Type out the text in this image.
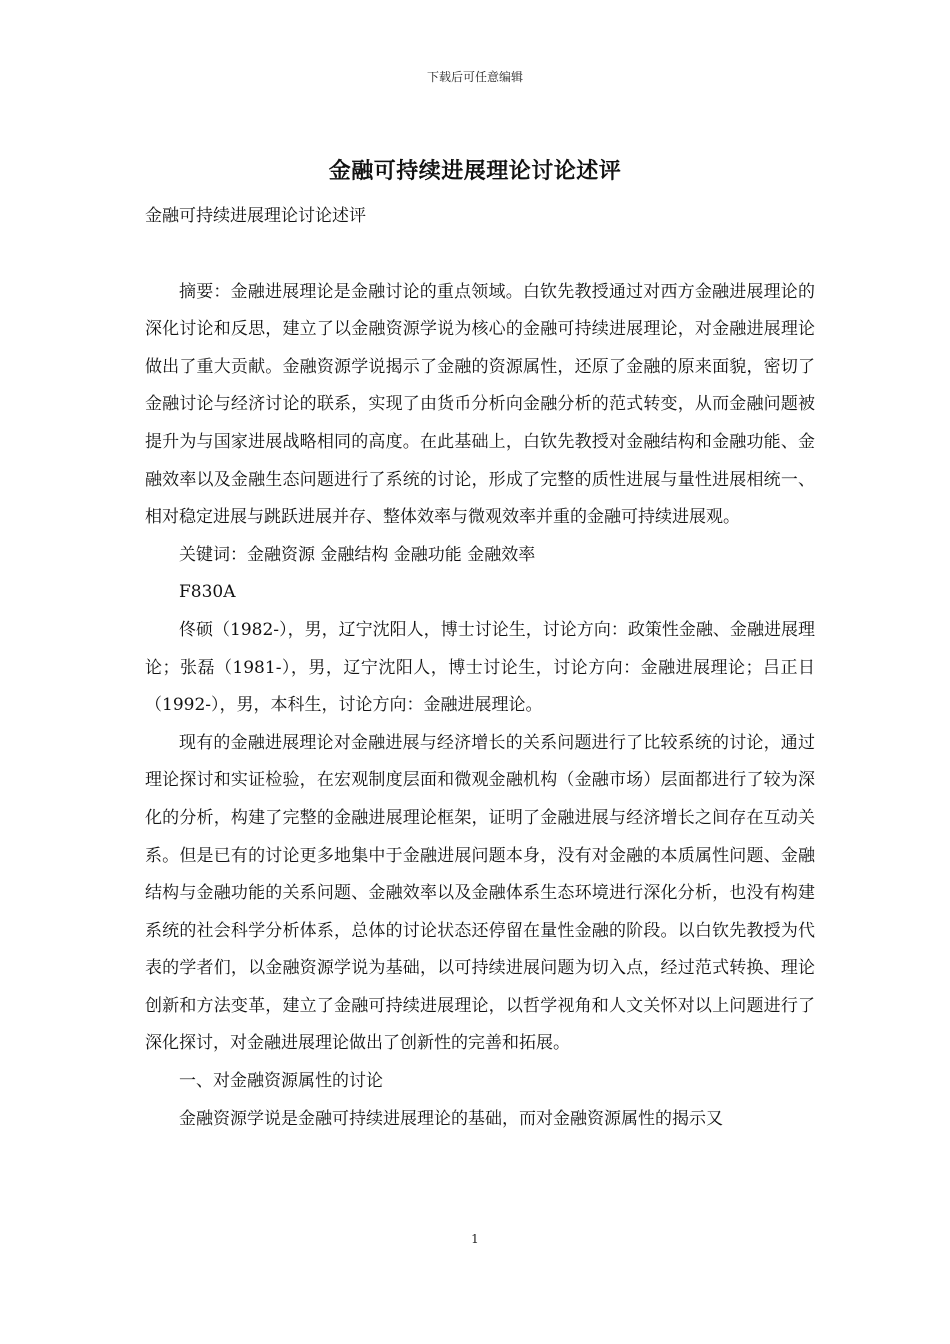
下载后可任意编辑
金融可持续进展理论讨论述评

金融可持续进展理论讨论述评

摘要：金融进展理论是金融讨论的重点领域。白钦先教授通过对西方金融进展理论的深化讨论和反思，建立了以金融资源学说为核心的金融可持续进展理论，对金融进展理论做出了重大贡献。金融资源学说揭示了金融的资源属性，还原了金融的原来面貌，密切了金融讨论与经济讨论的联系，实现了由货币分析向金融分析的范式转变，从而金融问题被提升为与国家进展战略相同的高度。在此基础上，白钦先教授对金融结构和金融功能、金融效率以及金融生态问题进行了系统的讨论，形成了完整的质性进展与量性进展相统一、相对稳定进展与跳跃进展并存、整体效率与微观效率并重的金融可持续进展观。

关键词：金融资源 金融结构 金融功能 金融效率

F830A

佟硕（1982-），男，辽宁沈阳人，博士讨论生，讨论方向：政策性金融、金融进展理论；张磊（1981-），男，辽宁沈阳人，博士讨论生，讨论方向：金融进展理论；吕正日（1992-），男，本科生，讨论方向：金融进展理论。

现有的金融进展理论对金融进展与经济增长的关系问题进行了比较系统的讨论，通过理论探讨和实证检验，在宏观制度层面和微观金融机构（金融市场）层面都进行了较为深化的分析，构建了完整的金融进展理论框架，证明了金融进展与经济增长之间存在互动关系。但是已有的讨论更多地集中于金融进展问题本身，没有对金融的本质属性问题、金融结构与金融功能的关系问题、金融效率以及金融体系生态环境进行深化分析，也没有构建系统的社会科学分析体系，总体的讨论状态还停留在量性金融的阶段。以白钦先教授为代表的学者们，以金融资源学说为基础，以可持续进展问题为切入点，经过范式转换、理论创新和方法变革，建立了金融可持续进展理论，以哲学视角和人文关怀对以上问题进行了深化探讨，对金融进展理论做出了创新性的完善和拓展。

一、对金融资源属性的讨论

金融资源学说是金融可持续进展理论的基础，而对金融资源属性的揭示又

1
